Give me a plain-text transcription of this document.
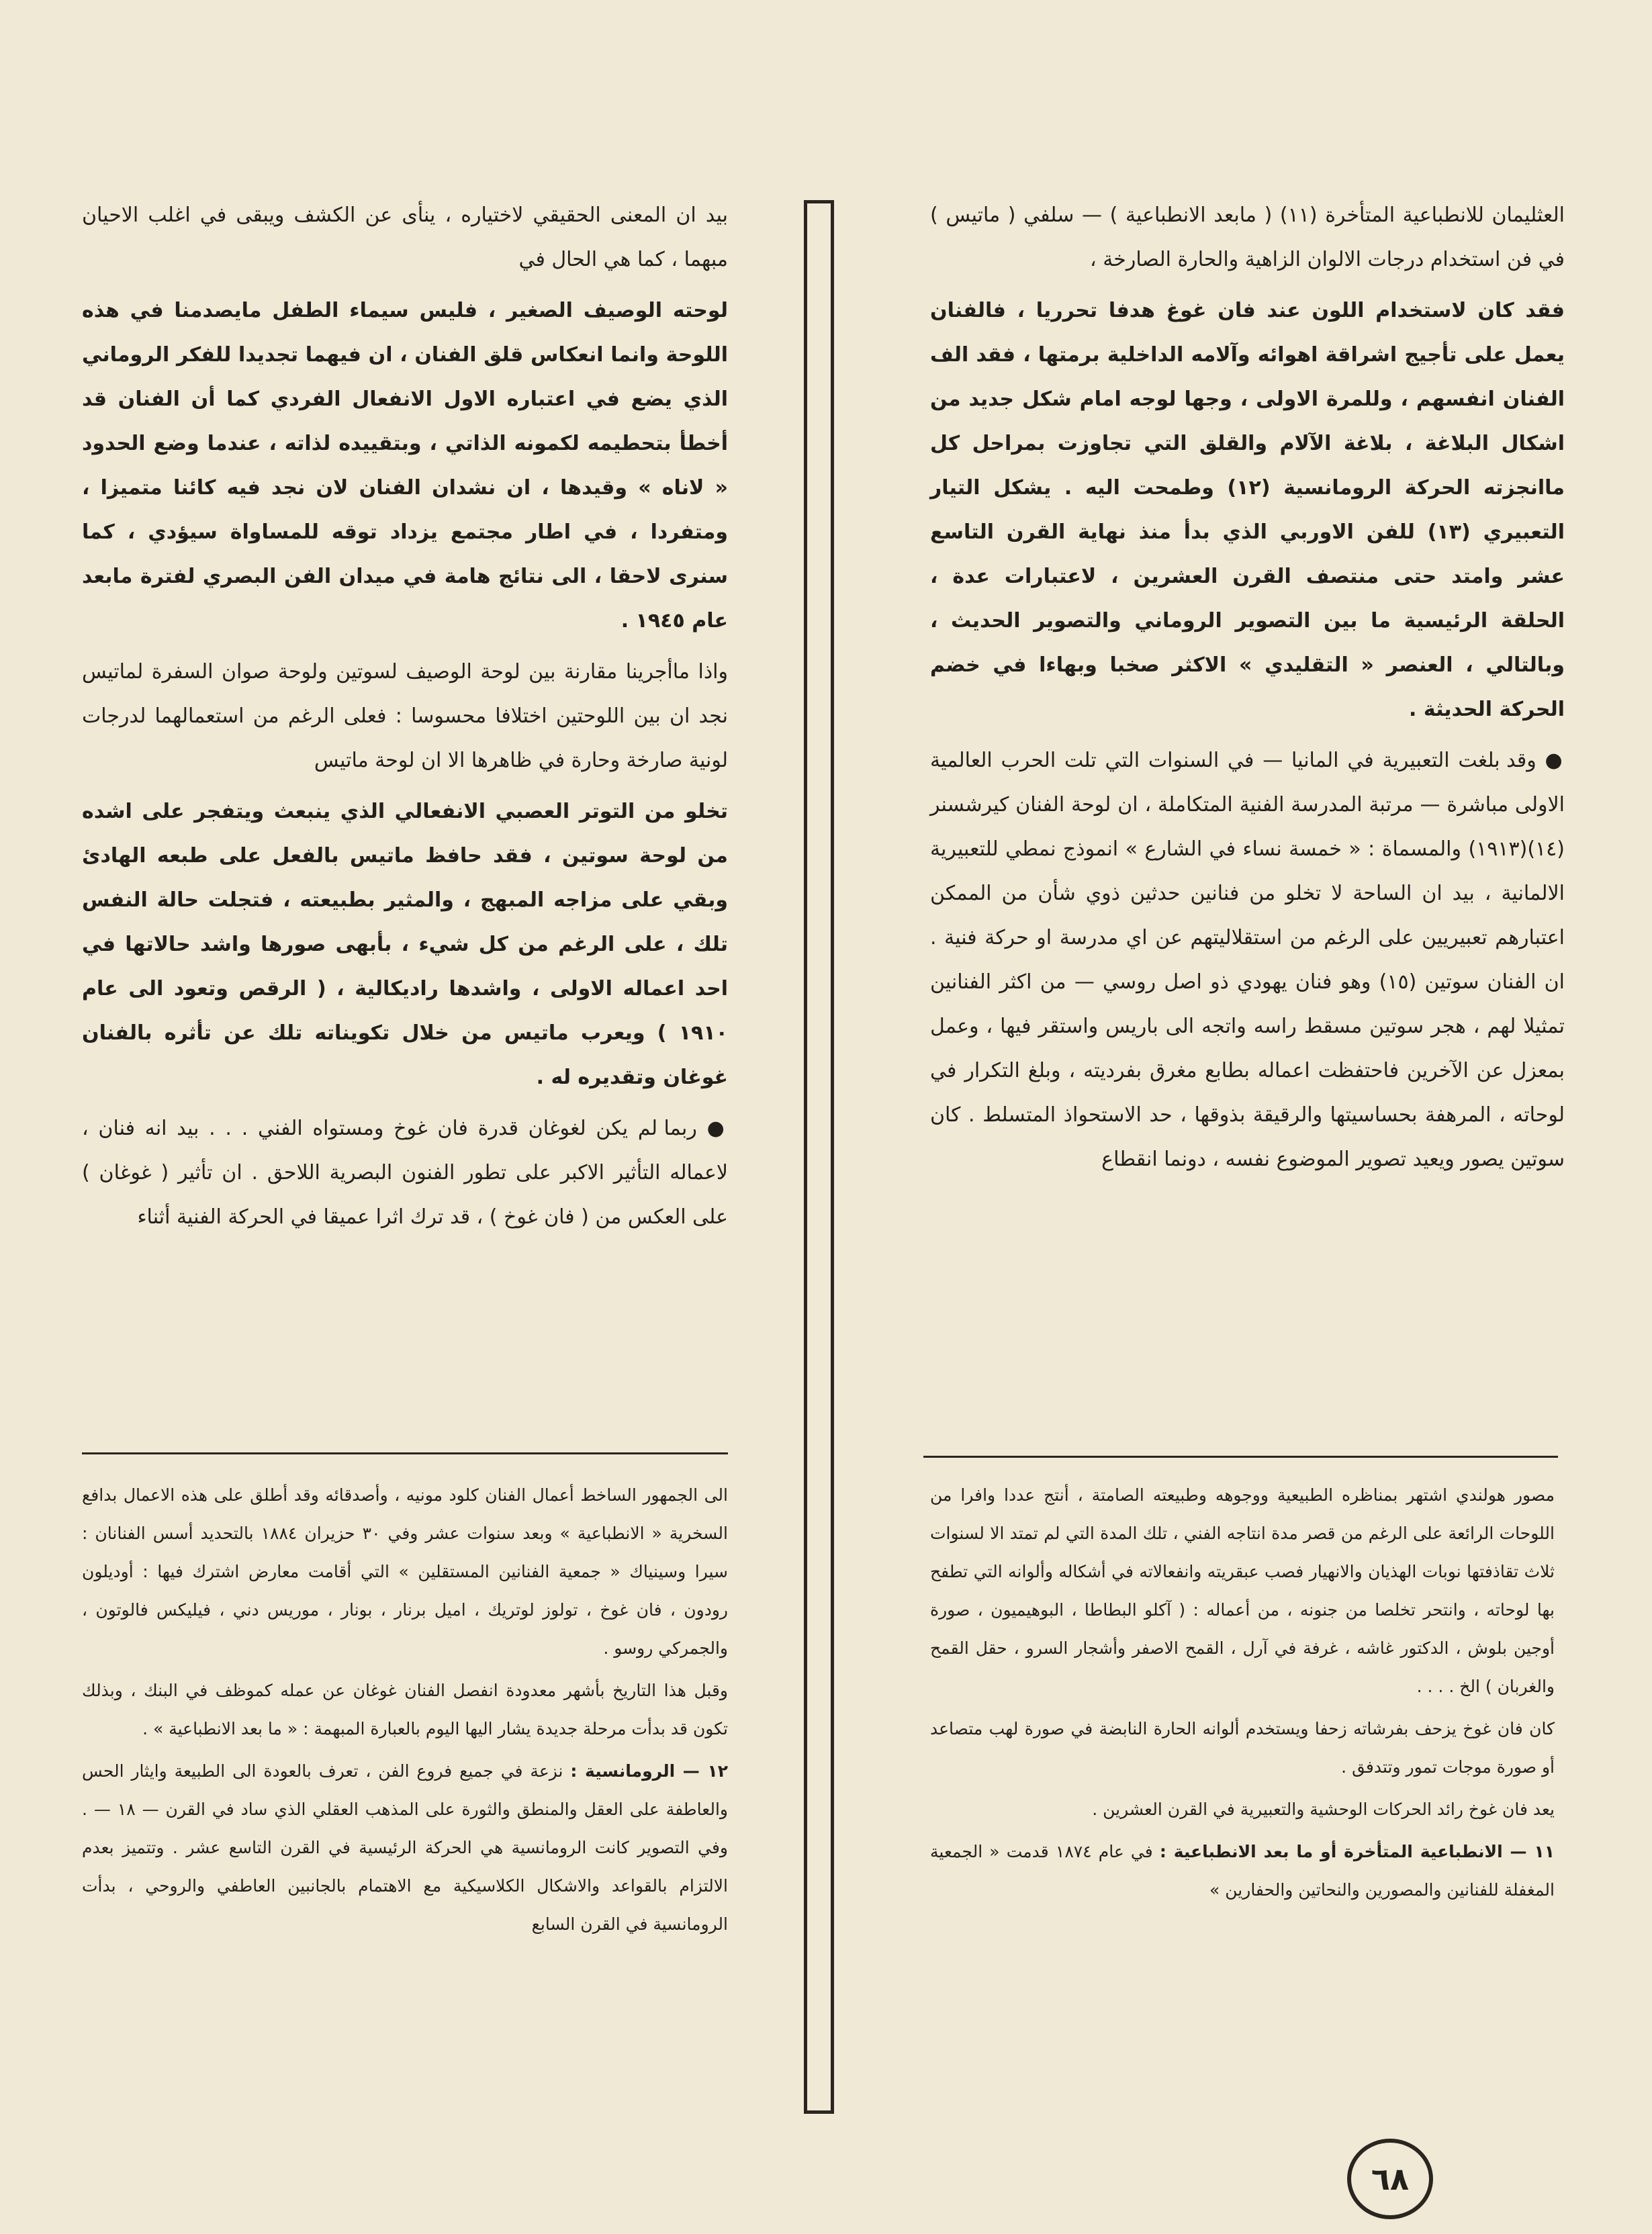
العثليمان للانطباعية المتأخرة (١١) ( مابعد الانطباعية ) — سلفي ( ماتيس ) في فن استخدام درجات الالوان الزاهية والحارة الصارخة ،

فقد كان لاستخدام اللون عند فان غوغ هدفا تحرريا ، فالفنان يعمل على تأجيج اشراقة اهوائه وآلامه الداخلية برمتها ، فقد الف الفنان انفسهم ، وللمرة الاولى ، وجها لوجه امام شكل جديد من اشكال البلاغة ، بلاغة الآلام والقلق التي تجاوزت بمراحل كل ماانجزته الحركة الرومانسية (١٢) وطمحت اليه . يشكل التيار التعبيري (١٣) للفن الاوربي الذي بدأ منذ نهاية القرن التاسع عشر وامتد حتى منتصف القرن العشرين ، لاعتبارات عدة ، الحلقة الرئيسية ما بين التصوير الروماني والتصوير الحديث ، وبالتالي ، العنصر « التقليدي » الاكثر صخبا وبهاءا في خضم الحركة الحديثة .

● وقد بلغت التعبيرية في المانيا — في السنوات التي تلت الحرب العالمية الاولى مباشرة — مرتبة المدرسة الفنية المتكاملة ، ان لوحة الفنان كيرشسنر (١٤)(١٩١٣) والمسماة : « خمسة نساء في الشارع » انموذج نمطي للتعبيرية الالمانية ، بيد ان الساحة لا تخلو من فنانين حدثين ذوي شأن من الممكن اعتبارهم تعبيريين على الرغم من استقلاليتهم عن اي مدرسة او حركة فنية . ان الفنان سوتين (١٥) وهو فنان يهودي ذو اصل روسي — من اكثر الفنانين تمثيلا لهم ، هجر سوتين مسقط راسه واتجه الى باريس واستقر فيها ، وعمل بمعزل عن الآخرين فاحتفظت اعماله بطابع مغرق بفرديته ، وبلغ التكرار في لوحاته ، المرهفة بحساسيتها والرقيقة بذوقها ، حد الاستحواذ المتسلط . كان سوتين يصور ويعيد تصوير الموضوع نفسه ، دونما انقطاع

بيد ان المعنى الحقيقي لاختياره ، ينأى عن الكشف ويبقى في اغلب الاحيان مبهما ، كما هي الحال في

لوحته الوصيف الصغير ، فليس سيماء الطفل مايصدمنا في هذه اللوحة وانما انعكاس قلق الفنان ، ان فيهما تجديدا للفكر الروماني الذي يضع في اعتباره الاول الانفعال الفردي كما أن الفنان قد أخطأ بتحطيمه لكمونه الذاتي ، وبتقييده لذاته ، عندما وضع الحدود « لاناه » وقيدها ، ان نشدان الفنان لان نجد فيه كائنا متميزا ، ومتفردا ، في اطار مجتمع يزداد توقه للمساواة سيؤدي ، كما سنرى لاحقا ، الى نتائج هامة في ميدان الفن البصري لفترة مابعد عام ١٩٤٥ .

واذا ماأجرينا مقارنة بين لوحة الوصيف لسوتين ولوحة صوان السفرة لماتيس نجد ان بين اللوحتين اختلافا محسوسا : فعلى الرغم من استعمالهما لدرجات لونية صارخة وحارة في ظاهرها الا ان لوحة ماتيس

تخلو من التوتر العصبي الانفعالي الذي ينبعث ويتفجر على اشده من لوحة سوتين ، فقد حافظ ماتيس بالفعل على طبعه الهادئ وبقي على مزاجه المبهج ، والمثير بطبيعته ، فتجلت حالة النفس تلك ، على الرغم من كل شيء ، بأبهى صورها واشد حالاتها في احد اعماله الاولى ، واشدها راديكالية ، ( الرقص وتعود الى عام ١٩١٠ ) ويعرب ماتيس من خلال تكويناته تلك عن تأثره بالفنان غوغان وتقديره له .

● ربما لم يكن لغوغان قدرة فان غوخ ومستواه الفني . . . بيد انه فنان ، لاعماله التأثير الاكبر على تطور الفنون البصرية اللاحق . ان تأثير ( غوغان ) على العكس من ( فان غوخ ) ، قد ترك اثرا عميقا في الحركة الفنية أثناء

مصور هولندي اشتهر بمناظره الطبيعية ووجوهه وطبيعته الصامتة ، أنتج عددا وافرا من اللوحات الرائعة على الرغم من قصر مدة انتاجه الفني ، تلك المدة التي لم تمتد الا لسنوات ثلاث تقاذفتها نوبات الهذيان والانهيار فصب عبقريته وانفعالاته في أشكاله وألوانه التي تطفح بها لوحاته ، وانتحر تخلصا من جنونه ، من أعماله : ( آكلو البطاطا ، البوهيميون ، صورة أوجين بلوش ، الدكتور غاشه ، غرفة في آرل ، القمح الاصفر وأشجار السرو ، حقل القمح والغربان ) الخ . . . .

كان فان غوخ يزحف بفرشاته زحفا ويستخدم ألوانه الحارة النابضة في صورة لهب متصاعد أو صورة موجات تمور وتتدفق .

يعد فان غوخ رائد الحركات الوحشية والتعبيرية في القرن العشرين .

١١ — الانطباعية المتأخرة أو ما بعد الانطباعية : في عام ١٨٧٤ قدمت « الجمعية المغفلة للفنانين والمصورين والنحاتين والحفارين »

الى الجمهور الساخط أعمال الفنان كلود مونيه ، وأصدقائه وقد أطلق على هذه الاعمال بدافع السخرية « الانطباعية » وبعد سنوات عشر وفي ٣٠ حزيران ١٨٨٤ بالتحديد أسس الفنانان : سيرا وسينياك « جمعية الفنانين المستقلين » التي أقامت معارض اشترك فيها : أوديلون رودون ، فان غوخ ، تولوز لوتريك ، اميل برنار ، بونار ، موريس دني ، فيليكس فالوتون ، والجمركي روسو .

وقبل هذا التاريخ بأشهر معدودة انفصل الفنان غوغان عن عمله كموظف في البنك ، وبذلك تكون قد بدأت مرحلة جديدة يشار اليها اليوم بالعبارة المبهمة : « ما بعد الانطباعية » .

١٢ — الرومانسية : نزعة في جميع فروع الفن ، تعرف بالعودة الى الطبيعة وايثار الحس والعاطفة على العقل والمنطق والثورة على المذهب العقلي الذي ساد في القرن — ١٨ — . وفي التصوير كانت الرومانسية هي الحركة الرئيسية في القرن التاسع عشر . وتتميز بعدم الالتزام بالقواعد والاشكال الكلاسيكية مع الاهتمام بالجانبين العاطفي والروحي ، بدأت الرومانسية في القرن السابع

٦٨
